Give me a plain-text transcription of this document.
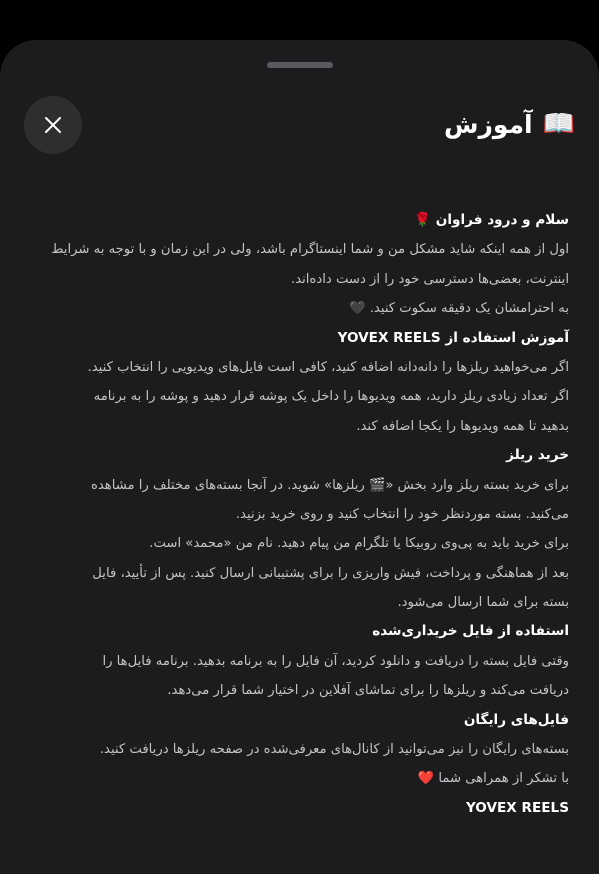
📖
آموزش
سلام و درود فراوان 🌹
اول از همه اینکه شاید مشکل من و شما اینستاگرام باشد، ولی در این زمان و با توجه به شرایط
اینترنت، بعضی‌ها دسترسی خود را از دست داده‌اند.
به احترامشان یک دقیقه سکوت کنید. 🖤
آموزش استفاده از YOVEX REELS
اگر می‌خواهید ریلزها را دانه‌دانه اضافه کنید، کافی است فایل‌های ویدیویی را انتخاب کنید.
اگر تعداد زیادی ریلز دارید، همه ویدیوها را داخل یک پوشه قرار دهید و پوشه را به برنامه
بدهید تا همه ویدیوها را یکجا اضافه کند.
خرید ریلز
برای خرید بسته ریلز وارد بخش «🎬 ریلزها» شوید. در آنجا بسته‌های مختلف را مشاهده
می‌کنید. بسته موردنظر خود را انتخاب کنید و روی خرید بزنید.
برای خرید باید به پی‌وی روبیکا یا تلگرام من پیام دهید. نام من «محمد» است.
بعد از هماهنگی و پرداخت، فیش واریزی را برای پشتیبانی ارسال کنید. پس از تأیید، فایل
بسته برای شما ارسال می‌شود.
استفاده از فایل خریداری‌شده
وقتی فایل بسته را دریافت و دانلود کردید، آن فایل را به برنامه بدهید. برنامه فایل‌ها را
دریافت می‌کند و ریلزها را برای تماشای آفلاین در اختیار شما قرار می‌دهد.
فایل‌های رایگان
بسته‌های رایگان را نیز می‌توانید از کانال‌های معرفی‌شده در صفحه ریلزها دریافت کنید.
با تشکر از همراهی شما ❤️
YOVEX REELS
